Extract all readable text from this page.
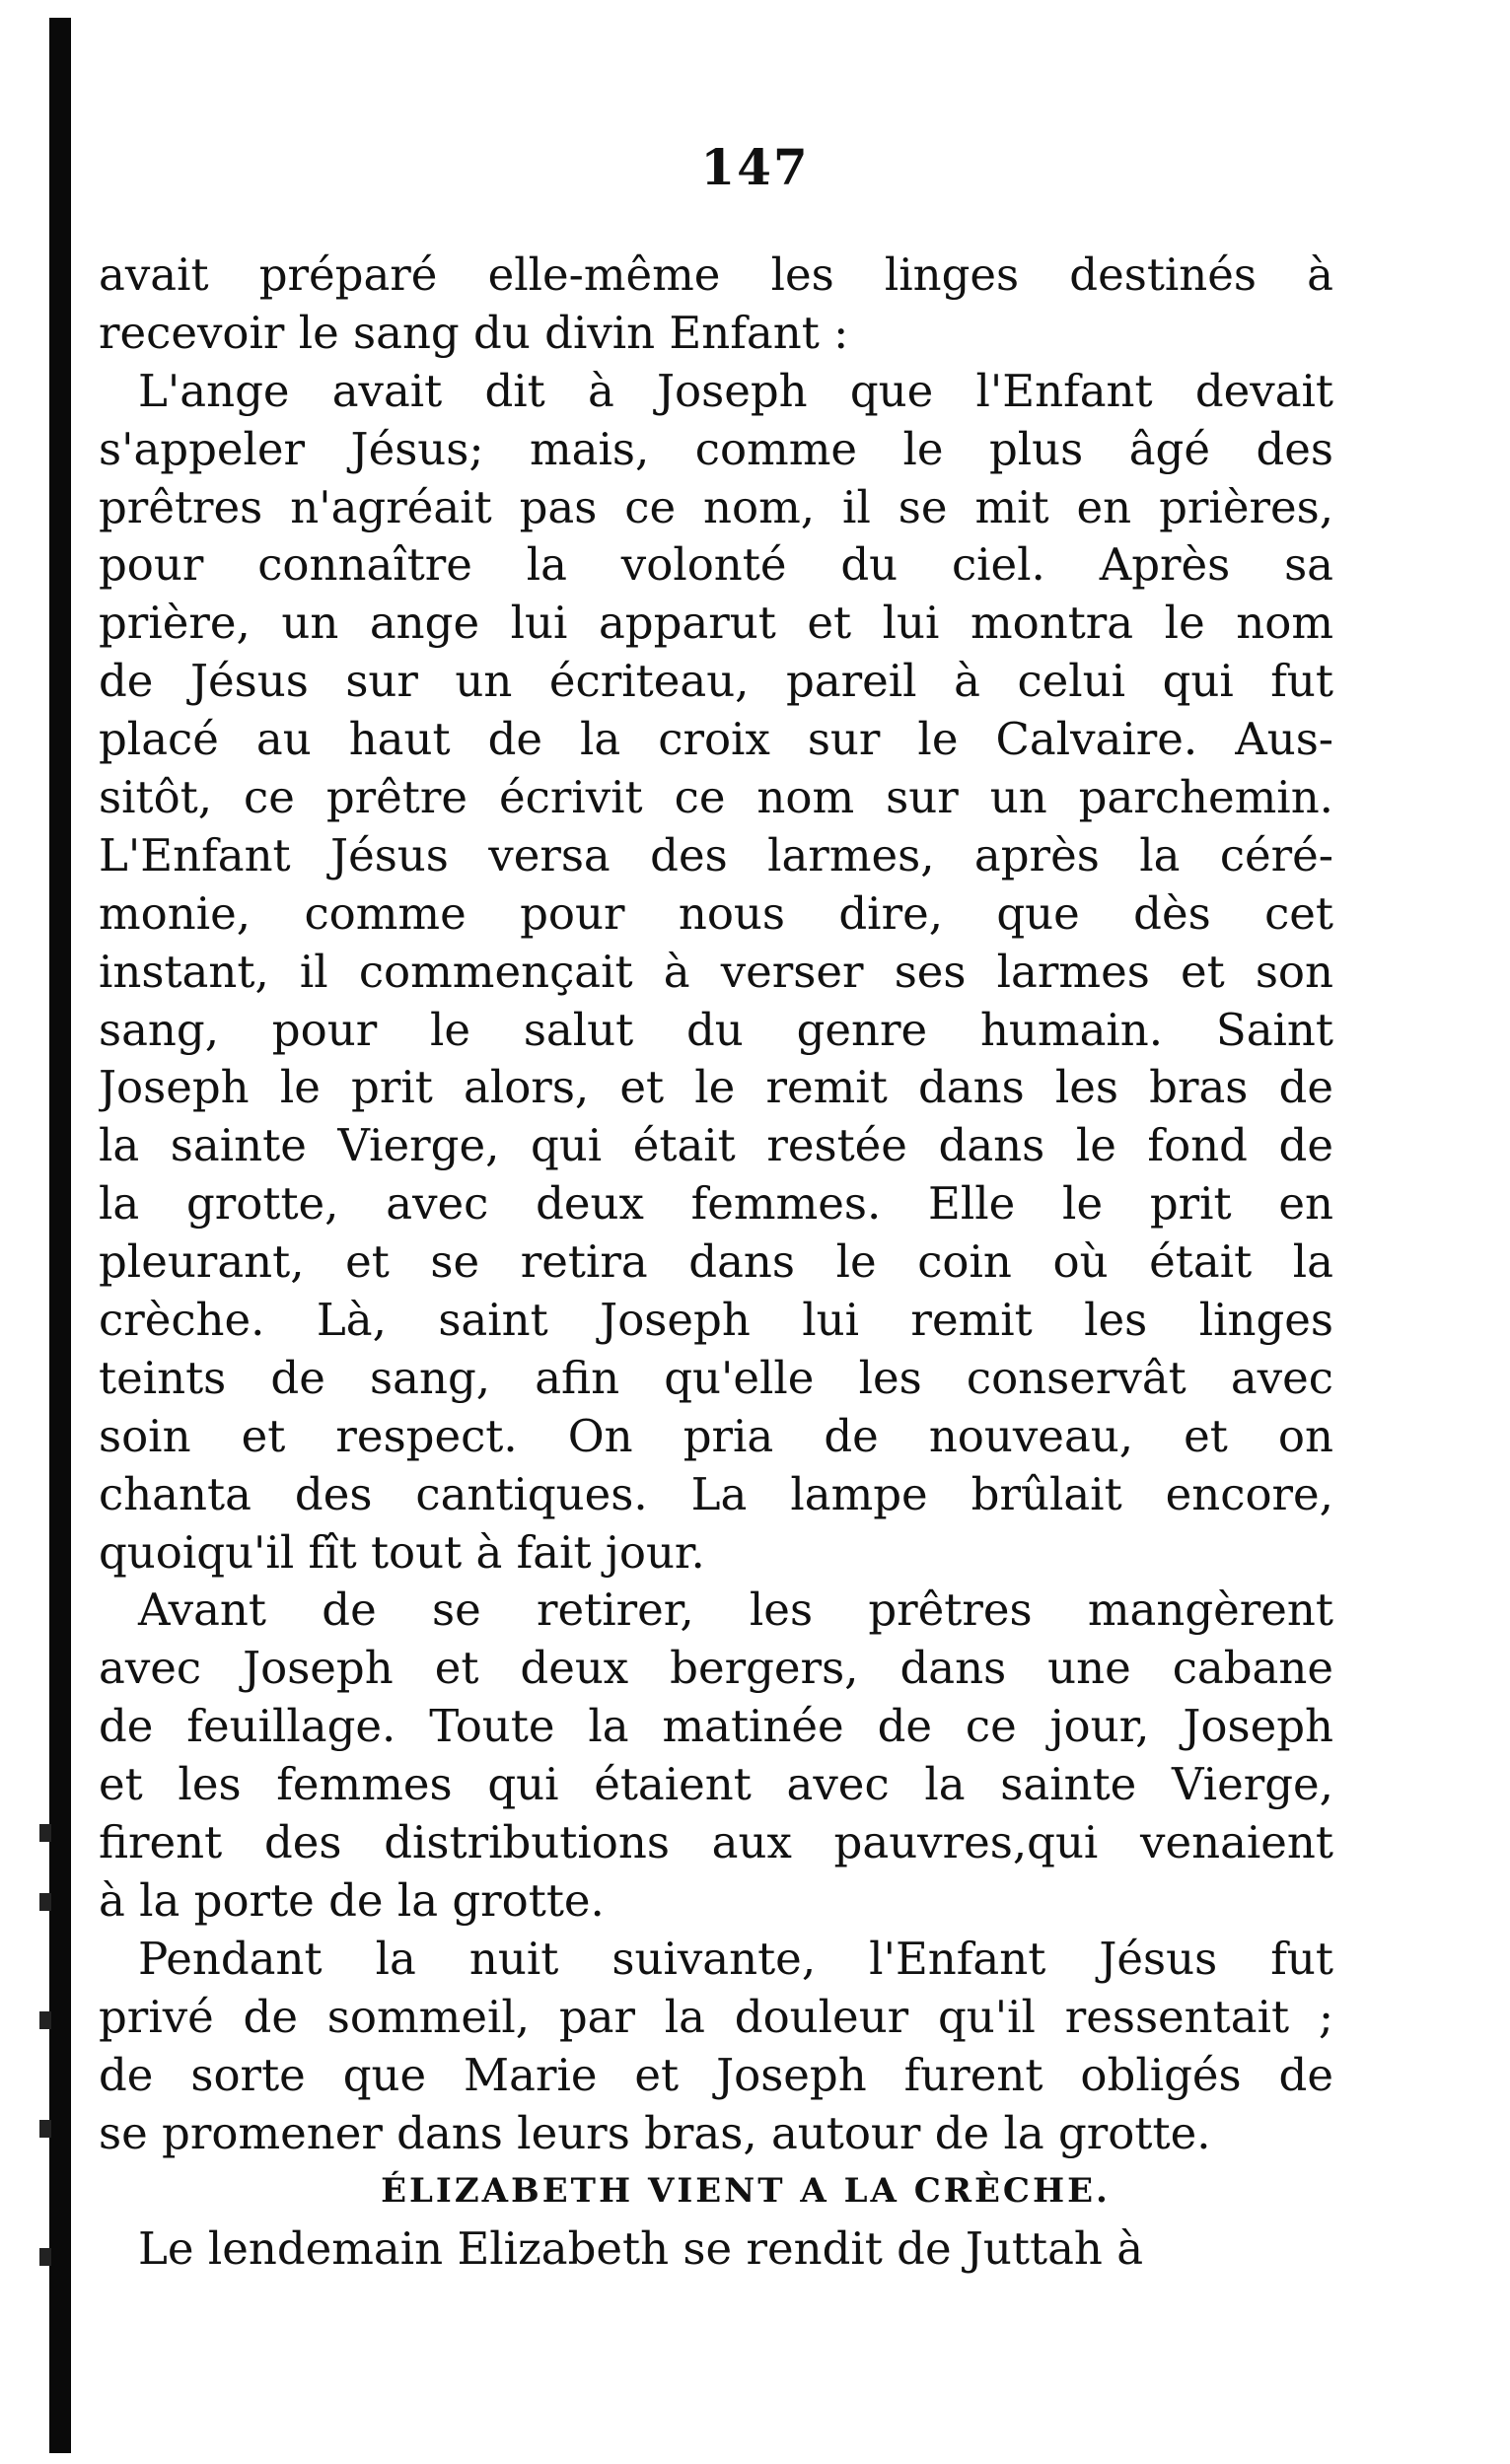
147
avait préparé elle-même les linges destinés à
recevoir le sang du divin Enfant :
L'ange avait dit à Joseph que l'Enfant devait
s'appeler Jésus; mais, comme le plus âgé des
prêtres n'agréait pas ce nom, il se mit en prières,
pour connaître la volonté du ciel. Après sa
prière, un ange lui apparut et lui montra le nom
de Jésus sur un écriteau, pareil à celui qui fut
placé au haut de la croix sur le Calvaire. Aus-
sitôt, ce prêtre écrivit ce nom sur un parchemin.
L'Enfant Jésus versa des larmes, après la céré-
monie, comme pour nous dire, que dès cet
instant, il commençait à verser ses larmes et son
sang, pour le salut du genre humain. Saint
Joseph le prit alors, et le remit dans les bras de
la sainte Vierge, qui était restée dans le fond de
la grotte, avec deux femmes. Elle le prit en
pleurant, et se retira dans le coin où était la
crèche. Là, saint Joseph lui remit les linges
teints de sang, afin qu'elle les conservât avec
soin et respect. On pria de nouveau, et on
chanta des cantiques. La lampe brûlait encore,
quoiqu'il fît tout à fait jour.
Avant de se retirer, les prêtres mangèrent
avec Joseph et deux bergers, dans une cabane
de feuillage. Toute la matinée de ce jour, Joseph
et les femmes qui étaient avec la sainte Vierge,
firent des distributions aux pauvres,qui venaient
à la porte de la grotte.
Pendant la nuit suivante, l'Enfant Jésus fut
privé de sommeil, par la douleur qu'il ressentait ;
de sorte que Marie et Joseph furent obligés de
se promener dans leurs bras, autour de la grotte.
ÉLIZABETH VIENT A LA CRÈCHE.
Le lendemain Elizabeth se rendit de Juttah à
